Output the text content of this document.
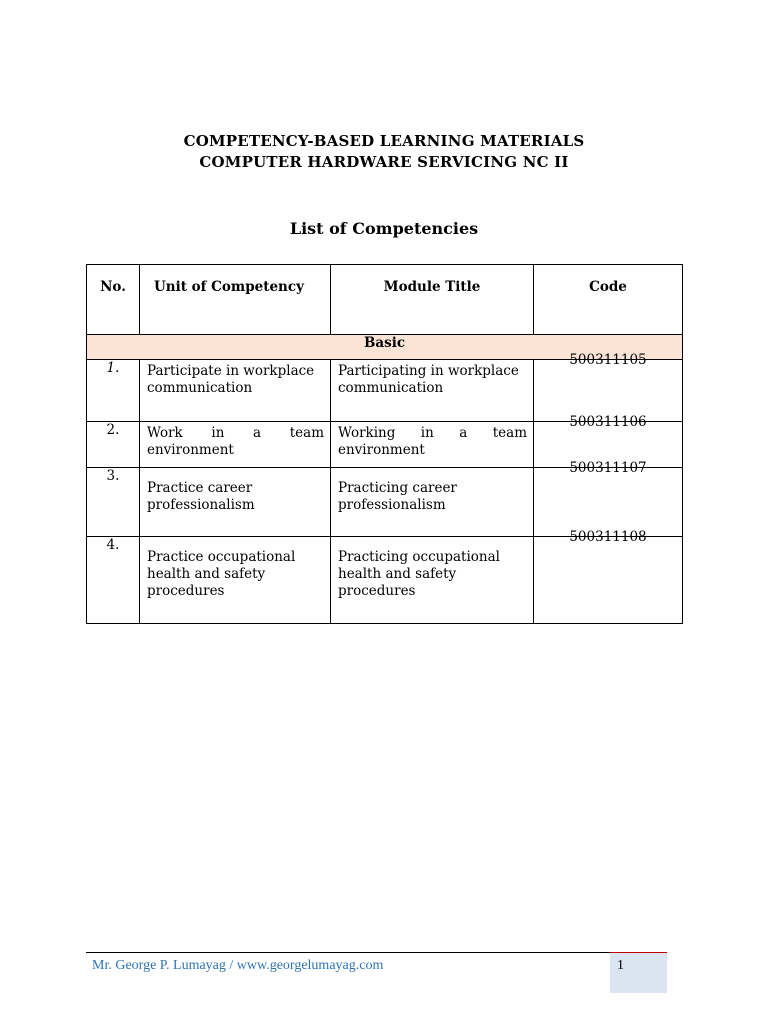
COMPETENCY-BASED LEARNING MATERIALS
COMPUTER HARDWARE SERVICING NC II
List of Competencies
No.	Unit of Competency	Module Title	Code
Basic			
1.	Participate in workplace communication	Participating in workplace communication	500311105

2.	Work in a team environment	Working in a team environment	500311106

3.	Practice career professionalism	Practicing career professionalism	500311107

4.	Practice occupational health and safety procedures	Practicing occupational health and safety procedures	500311108
Mr. George P. Lumayag / www.georgelumayag.com	1
